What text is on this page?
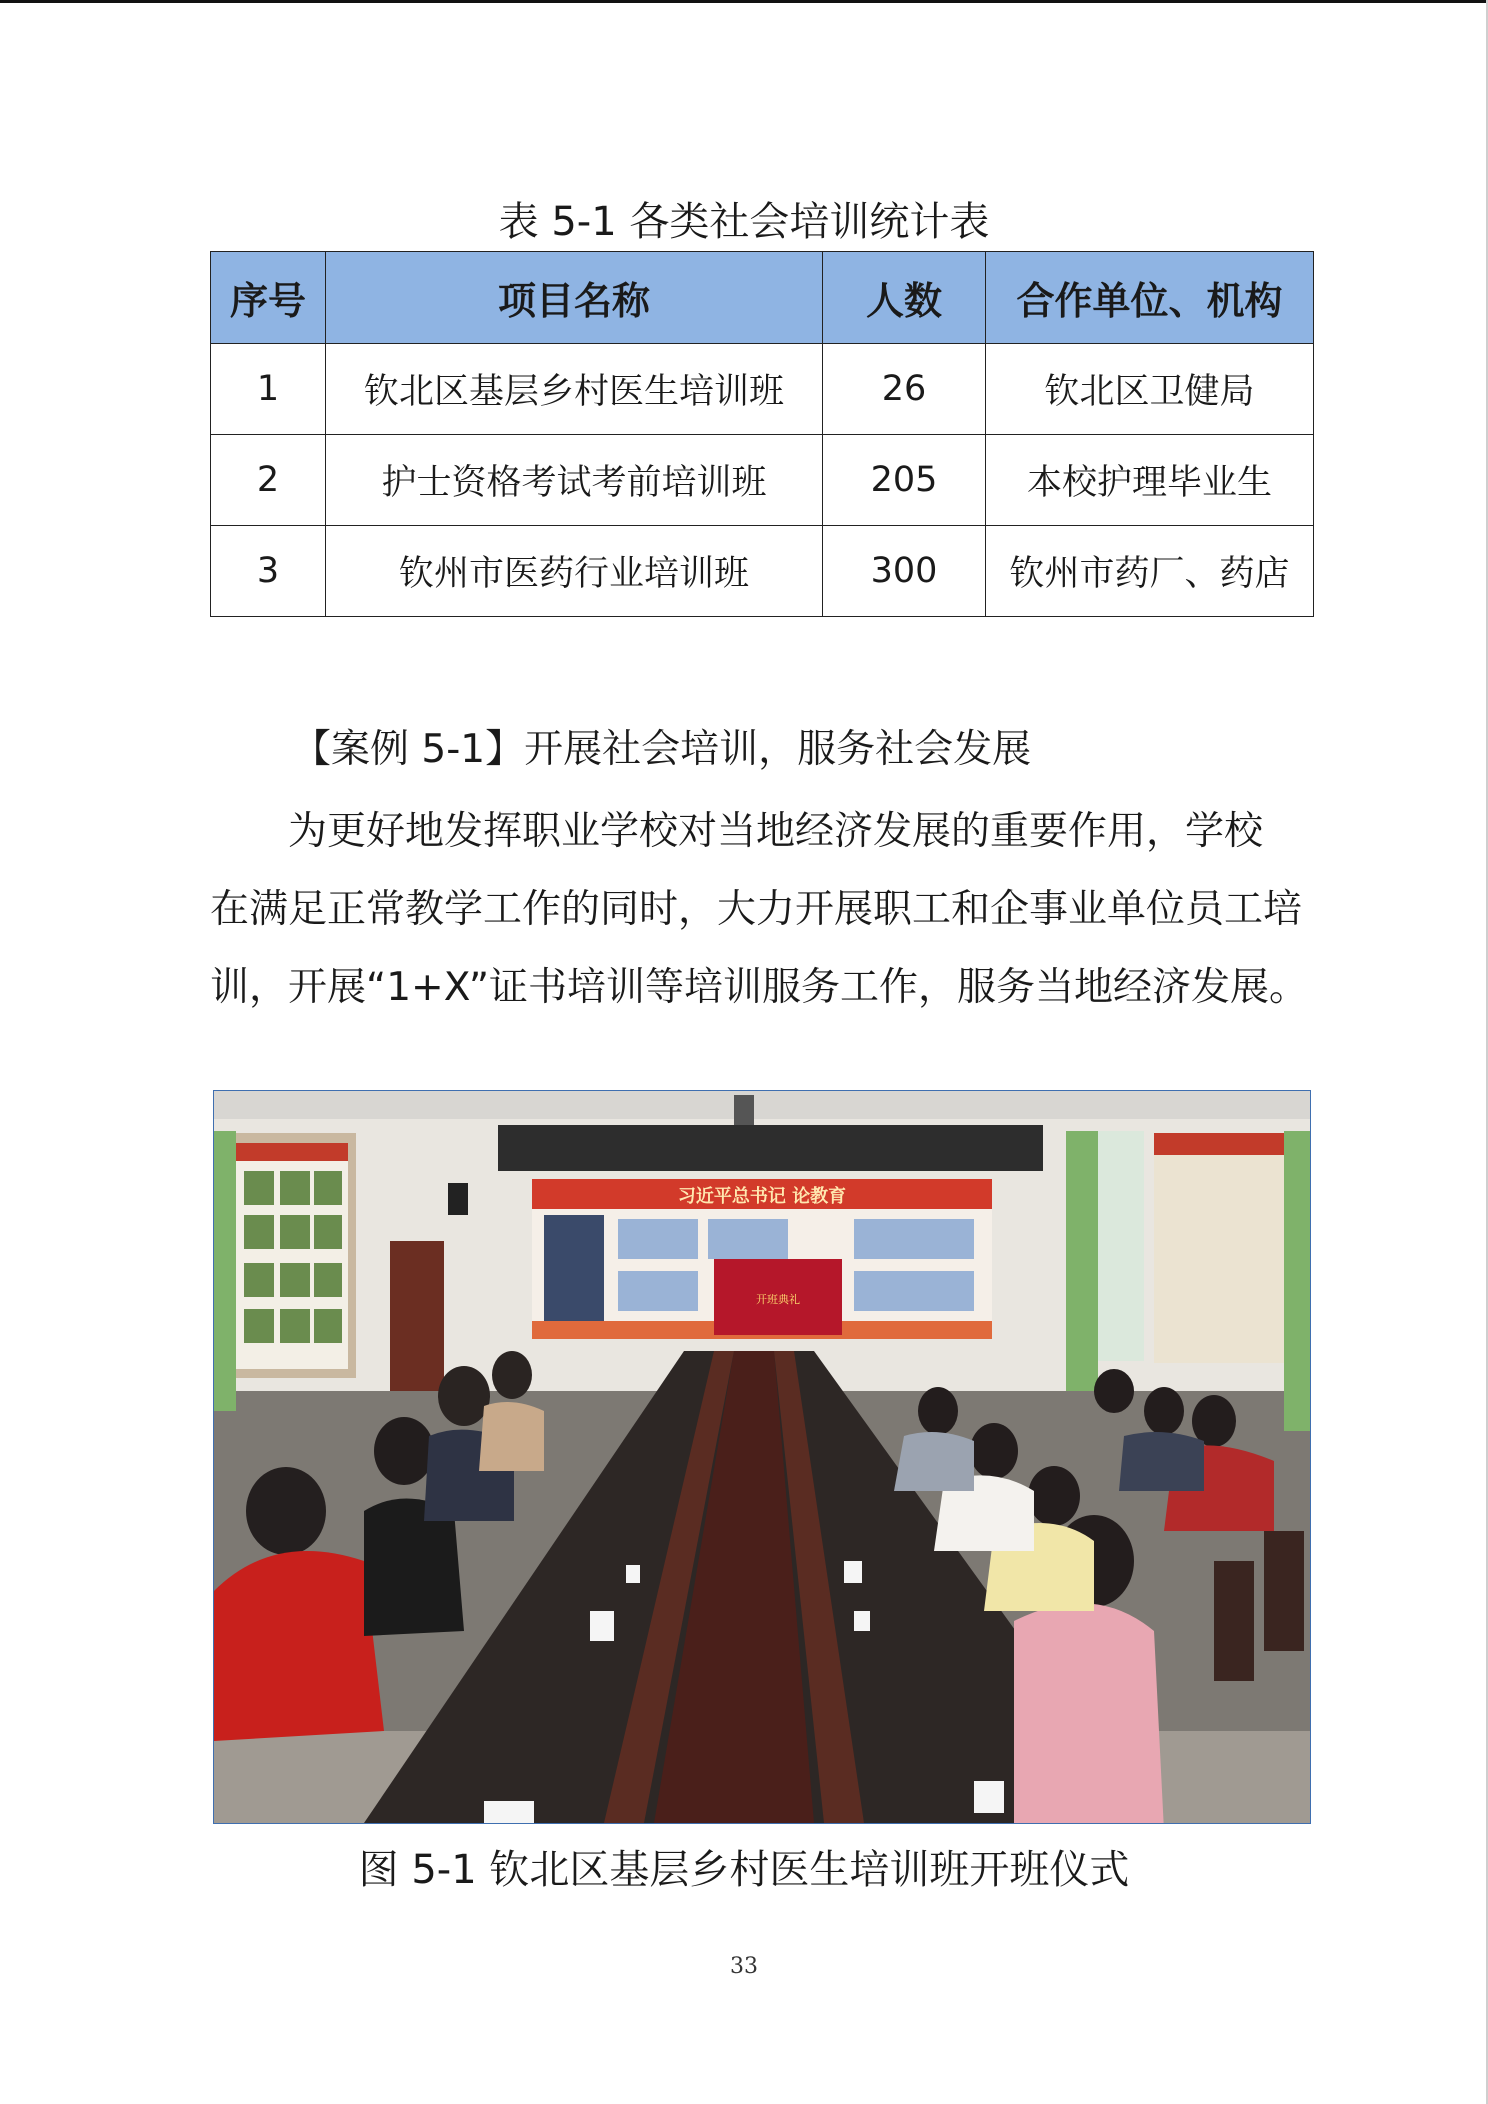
表 5-1 各类社会培训统计表
序号	项目名称	人数	合作单位、机构
1	钦北区基层乡村医生培训班	26	钦北区卫健局
2	护士资格考试考前培训班	205	本校护理毕业生
3	钦州市医药行业培训班	300	钦州市药厂、药店
【案例 5-1】开展社会培训，服务社会发展
为更好地发挥职业学校对当地经济发展的重要作用，学校
在满足正常教学工作的同时，大力开展职工和企事业单位员工培
训，开展“1+X”证书培训等培训服务工作，服务当地经济发展。
习近平总书记 论教育
开班典礼
图 5-1 钦北区基层乡村医生培训班开班仪式
33
